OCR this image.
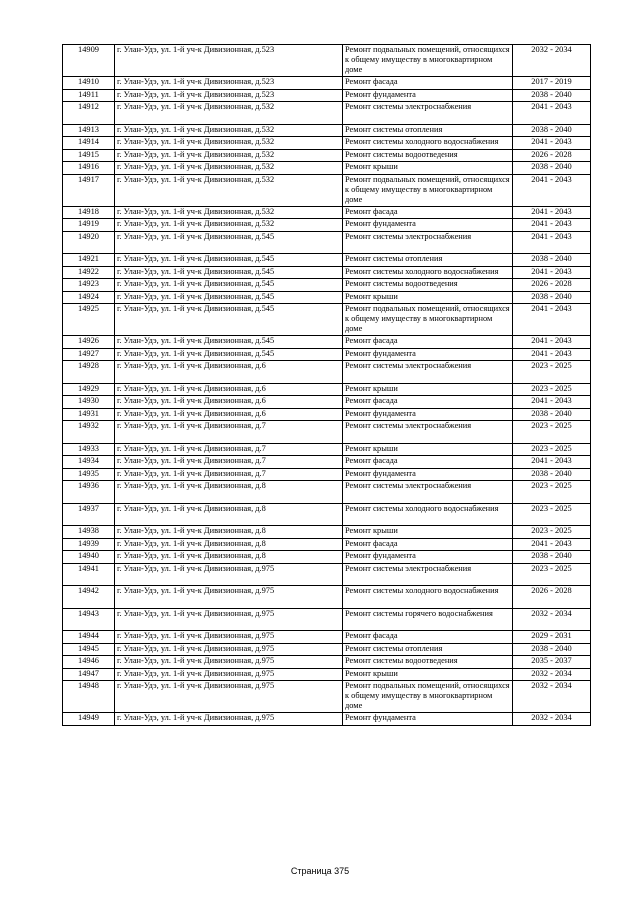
14909	г. Улан-Удэ, ул. 1-й уч-к Дивизионная, д.523	Ремонт подвальных помещений, относящихся к общему имуществу в многоквартирном доме	2032 - 2034
14910	г. Улан-Удэ, ул. 1-й уч-к Дивизионная, д.523	Ремонт фасада	2017 - 2019
14911	г. Улан-Удэ, ул. 1-й уч-к Дивизионная, д.523	Ремонт фундамента	2038 - 2040
14912	г. Улан-Удэ, ул. 1-й уч-к Дивизионная, д.532	Ремонт системы электроснабжения	2041 - 2043
14913	г. Улан-Удэ, ул. 1-й уч-к Дивизионная, д.532	Ремонт системы отопления	2038 - 2040
14914	г. Улан-Удэ, ул. 1-й уч-к Дивизионная, д.532	Ремонт системы холодного водоснабжения	2041 - 2043
14915	г. Улан-Удэ, ул. 1-й уч-к Дивизионная, д.532	Ремонт системы водоотведения	2026 - 2028
14916	г. Улан-Удэ, ул. 1-й уч-к Дивизионная, д.532	Ремонт крыши	2038 - 2040
14917	г. Улан-Удэ, ул. 1-й уч-к Дивизионная, д.532	Ремонт подвальных помещений, относящихся к общему имуществу в многоквартирном доме	2041 - 2043
14918	г. Улан-Удэ, ул. 1-й уч-к Дивизионная, д.532	Ремонт фасада	2041 - 2043
14919	г. Улан-Удэ, ул. 1-й уч-к Дивизионная, д.532	Ремонт фундамента	2041 - 2043
14920	г. Улан-Удэ, ул. 1-й уч-к Дивизионная, д.545	Ремонт системы электроснабжения	2041 - 2043
14921	г. Улан-Удэ, ул. 1-й уч-к Дивизионная, д.545	Ремонт системы отопления	2038 - 2040
14922	г. Улан-Удэ, ул. 1-й уч-к Дивизионная, д.545	Ремонт системы холодного водоснабжения	2041 - 2043
14923	г. Улан-Удэ, ул. 1-й уч-к Дивизионная, д.545	Ремонт системы водоотведения	2026 - 2028
14924	г. Улан-Удэ, ул. 1-й уч-к Дивизионная, д.545	Ремонт крыши	2038 - 2040
14925	г. Улан-Удэ, ул. 1-й уч-к Дивизионная, д.545	Ремонт подвальных помещений, относящихся к общему имуществу в многоквартирном доме	2041 - 2043
14926	г. Улан-Удэ, ул. 1-й уч-к Дивизионная, д.545	Ремонт фасада	2041 - 2043
14927	г. Улан-Удэ, ул. 1-й уч-к Дивизионная, д.545	Ремонт фундамента	2041 - 2043
14928	г. Улан-Удэ, ул. 1-й уч-к Дивизионная, д.6	Ремонт системы электроснабжения	2023 - 2025
14929	г. Улан-Удэ, ул. 1-й уч-к Дивизионная, д.6	Ремонт крыши	2023 - 2025
14930	г. Улан-Удэ, ул. 1-й уч-к Дивизионная, д.6	Ремонт фасада	2041 - 2043
14931	г. Улан-Удэ, ул. 1-й уч-к Дивизионная, д.6	Ремонт фундамента	2038 - 2040
14932	г. Улан-Удэ, ул. 1-й уч-к Дивизионная, д.7	Ремонт системы электроснабжения	2023 - 2025
14933	г. Улан-Удэ, ул. 1-й уч-к Дивизионная, д.7	Ремонт крыши	2023 - 2025
14934	г. Улан-Удэ, ул. 1-й уч-к Дивизионная, д.7	Ремонт фасада	2041 - 2043
14935	г. Улан-Удэ, ул. 1-й уч-к Дивизионная, д.7	Ремонт фундамента	2038 - 2040
14936	г. Улан-Удэ, ул. 1-й уч-к Дивизионная, д.8	Ремонт системы электроснабжения	2023 - 2025
14937	г. Улан-Удэ, ул. 1-й уч-к Дивизионная, д.8	Ремонт системы холодного водоснабжения	2023 - 2025
14938	г. Улан-Удэ, ул. 1-й уч-к Дивизионная, д.8	Ремонт крыши	2023 - 2025
14939	г. Улан-Удэ, ул. 1-й уч-к Дивизионная, д.8	Ремонт фасада	2041 - 2043
14940	г. Улан-Удэ, ул. 1-й уч-к Дивизионная, д.8	Ремонт фундамента	2038 - 2040
14941	г. Улан-Удэ, ул. 1-й уч-к Дивизионная, д.975	Ремонт системы электроснабжения	2023 - 2025
14942	г. Улан-Удэ, ул. 1-й уч-к Дивизионная, д.975	Ремонт системы холодного водоснабжения	2026 - 2028
14943	г. Улан-Удэ, ул. 1-й уч-к Дивизионная, д.975	Ремонт системы горячего водоснабжения	2032 - 2034
14944	г. Улан-Удэ, ул. 1-й уч-к Дивизионная, д.975	Ремонт фасада	2029 - 2031
14945	г. Улан-Удэ, ул. 1-й уч-к Дивизионная, д.975	Ремонт системы отопления	2038 - 2040
14946	г. Улан-Удэ, ул. 1-й уч-к Дивизионная, д.975	Ремонт системы водоотведения	2035 - 2037
14947	г. Улан-Удэ, ул. 1-й уч-к Дивизионная, д.975	Ремонт крыши	2032 - 2034
14948	г. Улан-Удэ, ул. 1-й уч-к Дивизионная, д.975	Ремонт подвальных помещений, относящихся к общему имуществу в многоквартирном доме	2032 - 2034
14949	г. Улан-Удэ, ул. 1-й уч-к Дивизионная, д.975	Ремонт фундамента	2032 - 2034
Страница 375
